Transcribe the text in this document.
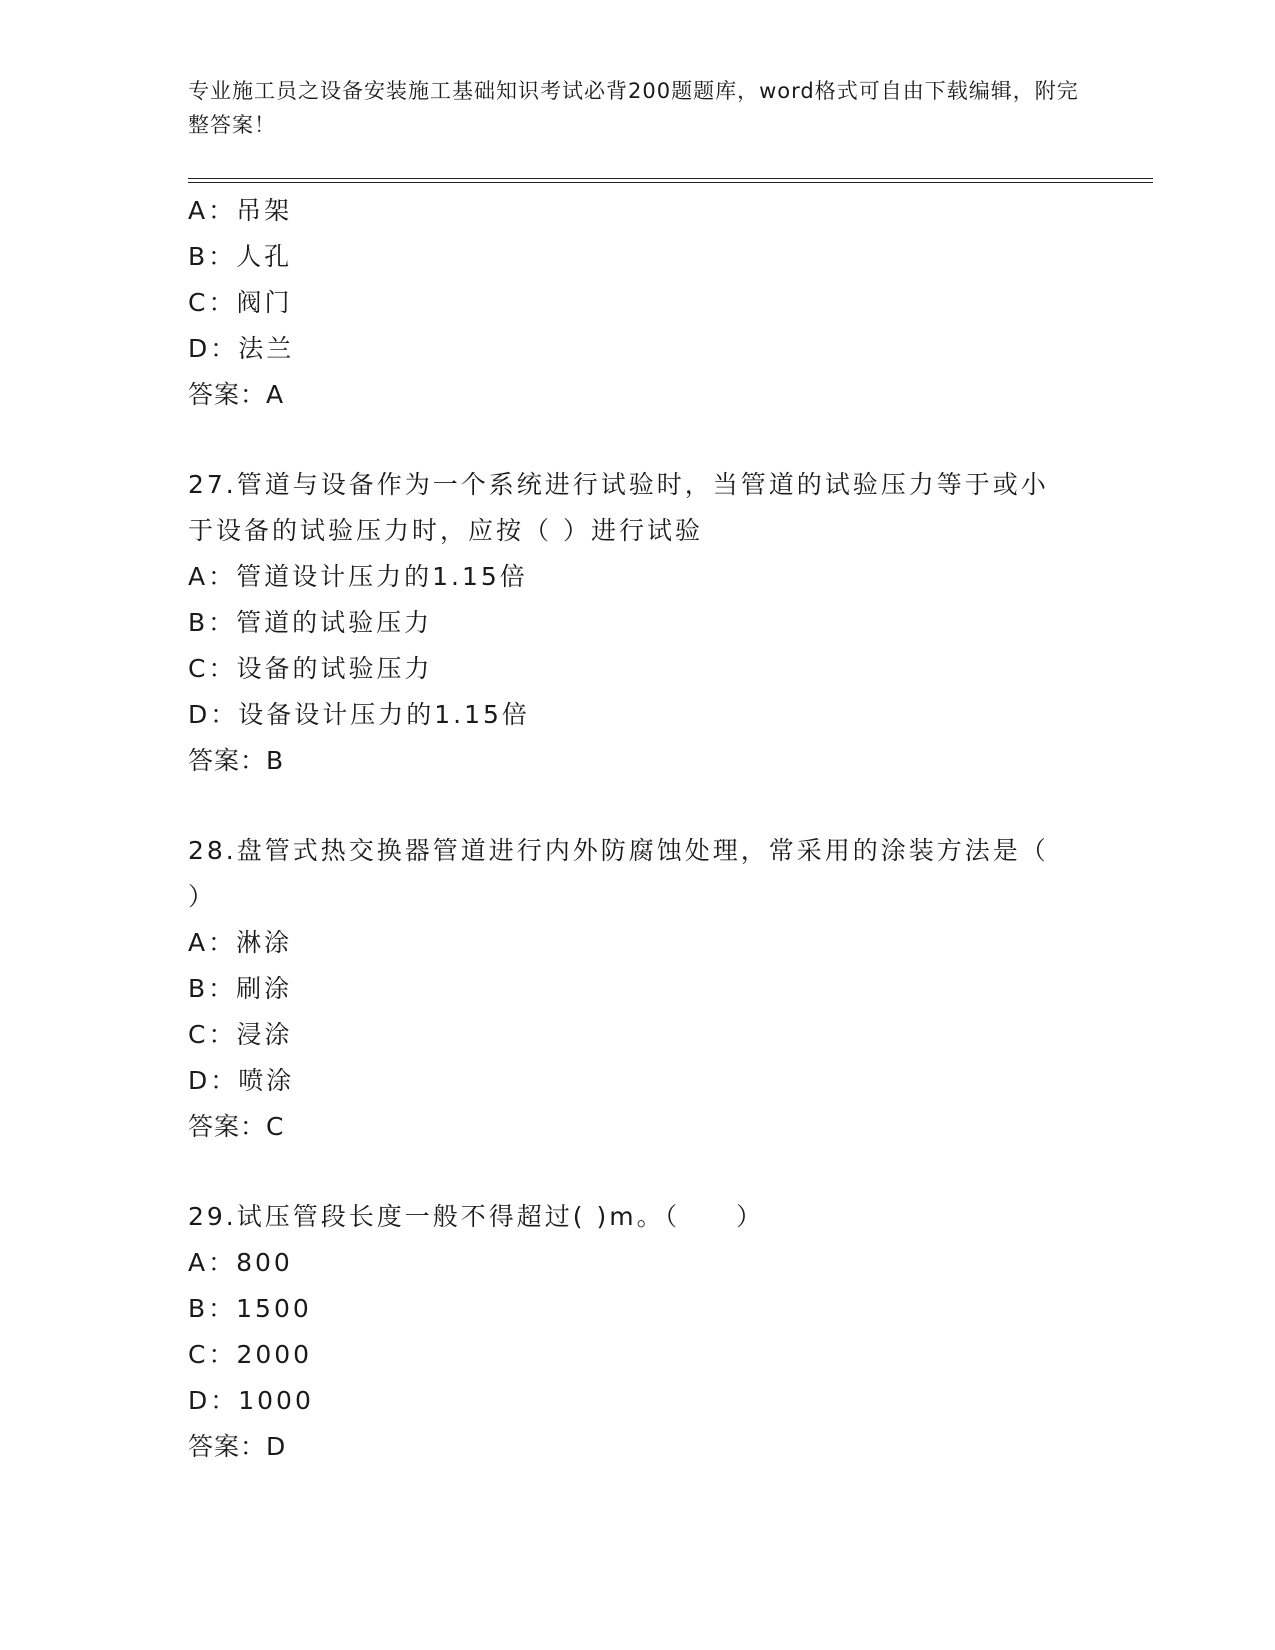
专业施工员之设备安装施工基础知识考试必背200题题库，word格式可自由下载编辑，附完整答案！
A：吊架
B：人孔
C：阀门
D：法兰
答案：A
27.管道与设备作为一个系统进行试验时，当管道的试验压力等于或小
于设备的试验压力时，应按（ ）进行试验
A：管道设计压力的1.15倍
B：管道的试验压力
C：设备的试验压力
D：设备设计压力的1.15倍
答案：B
28.盘管式热交换器管道进行内外防腐蚀处理，常采用的涂装方法是（
）
A：淋涂
B：刷涂
C：浸涂
D：喷涂
答案：C
29.试压管段长度一般不得超过( )m。（　　）
A：800
B：1500
C：2000
D：1000
答案：D
